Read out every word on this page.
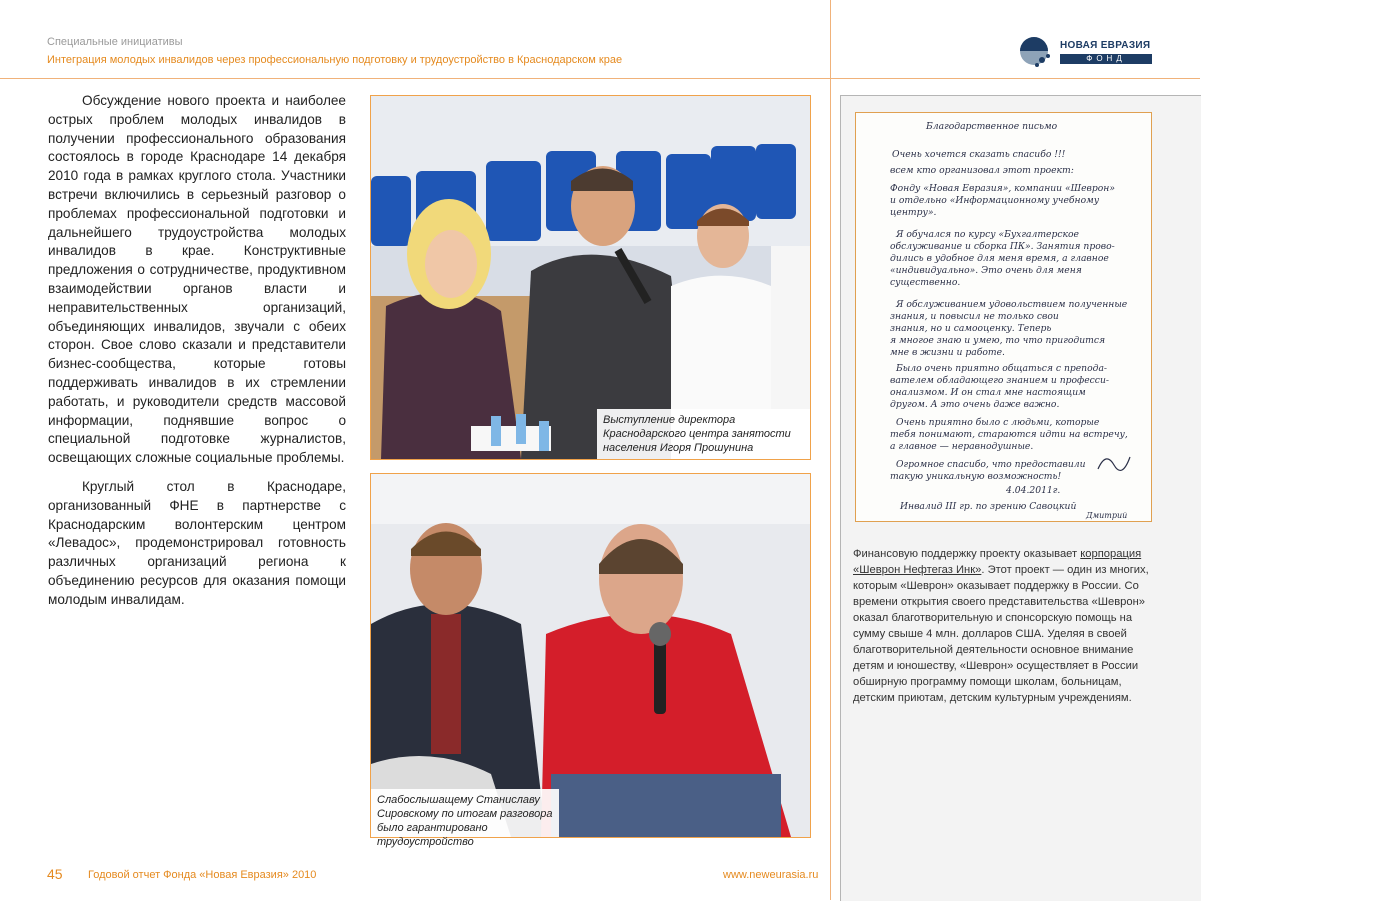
Специальные инициативы
Интеграция молодых инвалидов через профессиональную подготовку и трудоустройство в Краснодарском крае
НОВАЯ ЕВРАЗИЯ
ФОНД

Обсуждение нового проекта и наиболее острых проблем молодых инвалидов в получении профессионального образования состоялось в городе Краснодаре 14 декабря 2010 года в рамках круглого стола. Участники встречи включились в серьезный разговор о проблемах профессиональной подготовки и дальнейшего трудоустройства молодых инвалидов в крае. Конструктивные предложения о сотрудничестве, продуктивном взаимодействии органов власти и неправительственных организаций, объединяющих инвалидов, звучали с обеих сторон. Свое слово сказали и представители бизнес-сообщества, которые готовы поддерживать инвалидов в их стремлении работать, и руководители средств массовой информации, поднявшие вопрос о специальной подготовке журналистов, освещающих сложные социальные проблемы.

Круглый стол в Краснодаре, организованный ФНЕ в партнерстве с Краснодарским волонтерским центром «Левадос», продемонстрировал готовность различных организаций региона к объединению ресурсов для оказания помощи молодым инвалидам.

Выступление директора Краснодарского центра занятости населения Игоря Прошунина
Слабослышащему Станиславу Сировскому по итогам разговора было гарантировано трудоустройство
Благодарственное письмо
Очень хочется сказать спасибо !!!
всем кто организовал этот проект:
Фонду «Новая Евразия», компании «Шеврон»
и отдельно «Информационному учебному
центру».
Я обучался по курсу «Бухгалтерское
обслуживание и сборка ПК». Занятия прово-
дились в удобное для меня время, а главное
«индивидуально». Это очень для меня
существенно.
Я обслуживанием удовольствием полученные
знания, и повысил не только свои
знания, но и самооценку. Теперь
я многое знаю и умею, то что пригодится
мне в жизни и работе.
Было очень приятно общаться с препода-
вателем обладающего знанием и професси-
онализмом. И он стал мне настоящим
другом. А это очень даже важно.
Очень приятно было с людьми, которые
тебя понимают, стараются идти на встречу,
а главное — неравнодушные.
Огромное спасибо, что предоставили
такую уникальную возможность!
4.04.2011г.
Инвалид III гр. по зрению Савоцкий
Дмитрий
Финансовую поддержку проекту оказывает корпорация «Шеврон Нефтегаз Инк». Этот проект — один из многих, которым «Шеврон» оказывает поддержку в России. Со времени открытия своего представительства «Шеврон» оказал благотворительную и спонсорскую помощь на сумму свыше 4 млн. долларов США. Уделяя в своей благотворительной деятельности основное внимание детям и юношеству, «Шеврон» осуществляет в России обширную программу помощи школам, больницам, детским приютам, детским культурным учреждениям.
45 Годовой отчет Фонда «Новая Евразия» 2010	www.neweurasia.ru
